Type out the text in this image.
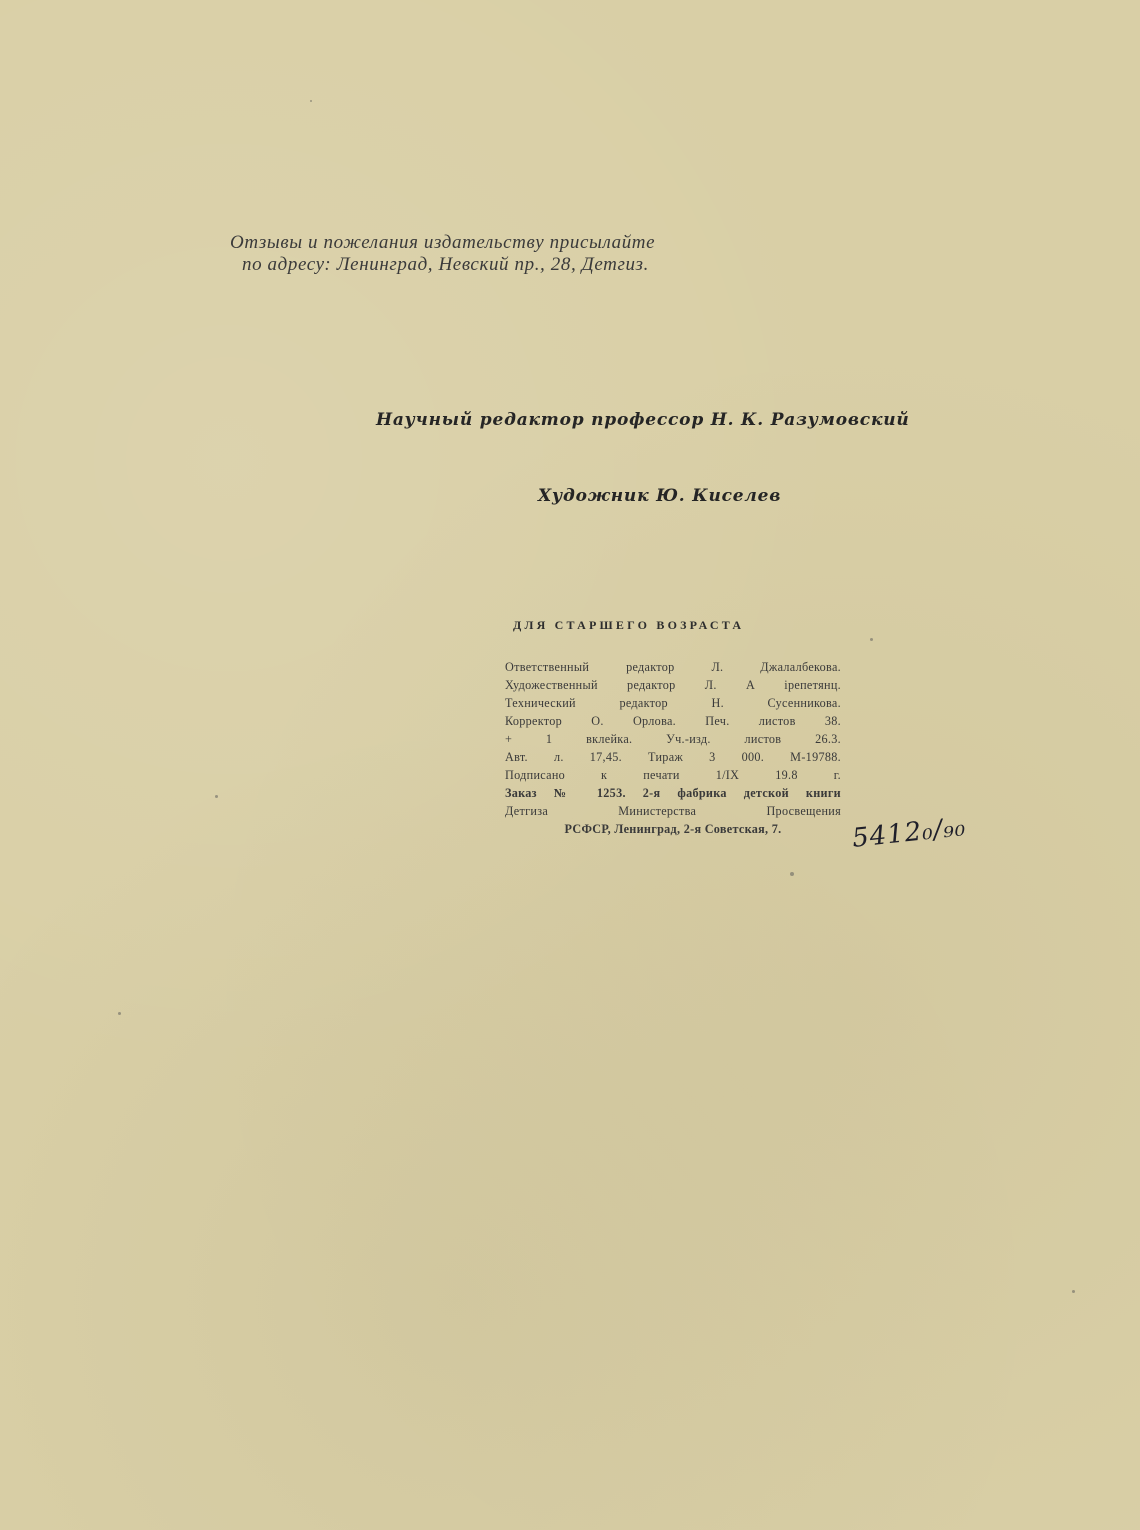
Отзывы и пожелания издательству присылайте
по адресу: Ленинград, Невский пр., 28, Детгиз.
Научный редактор профессор Н. К. Разумовский
Художник Ю. Киселев
ДЛЯ СТАРШЕГО ВОЗРАСТА
Ответственный редактор Л. Джалалбекова.
Художественный редактор Л. А ірепетянц.
Технический редактор Н. Сусенникова.
Корректор О. Орлова. Печ. листов 38.
+ 1 вклейка. Уч.-изд. листов 26.3.
Авт. л. 17,45. Тираж 3 000. М-19788.
Подписано к печати 1/IX 19.8 г.
Заказ № 1253. 2-я фабрика детской книги
Детгиза Министерства Просвещения
РСФСР, Ленинград, 2-я Советская, 7.	5412₀/₉₀
